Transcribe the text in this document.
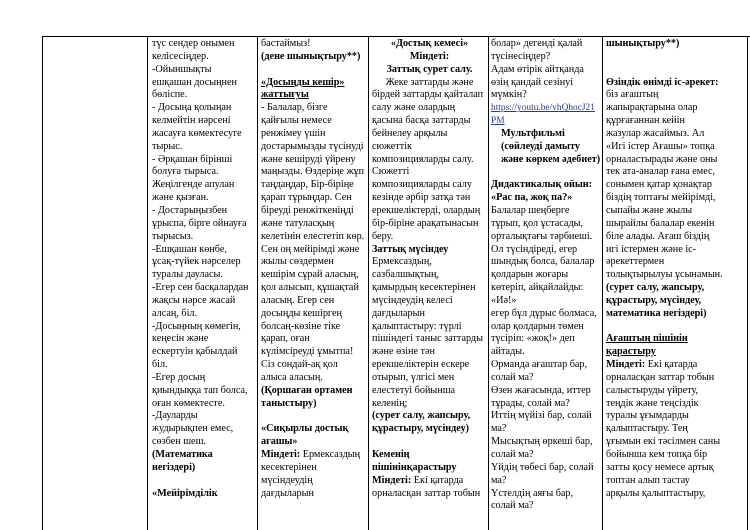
түс сендер онымен

келісесіңдер.

-Ойыншықты

ешқашан досыңнен

бөліспе.

- Досыңа қолыңан

келмейтін нәрсені

жасауға көмектесуге

тырыс.

- Әрқашан бірінші

болуға тырыса.

Жеңілгенде апулан

және қызған.

- Достарыңызбен

ұрыспа, бірге ойнауға

тырысыз.

-Ешқашан көнбе,

ұсақ-түйек нәрселер

туралы дауласы.

-Егер сен басқалардан

жақсы нәрсе жасай

алсаң, біл.

-Досыңның көмегін,

кеңесін және

ескертуін қабылдай

біл.

-Егер досың

қиындыққа тап болса,

оған көмектесте.

-Дауларды

жудырықпен емес,

сөзбен шеш.

(Математика

негіздері)

«Мейірімділік

бастаймыз!

(дене шынықтыру**)

«Досыңды кешір»

жаттығуы

- Балалар, бізге

қайғылы немесе

ренжімеу үшін

достарымызды түсінуді

және кешіруді үйрену

маңызды. Өздеріңе жұп

таңдаңдар, Бір-біріңе

қарап тұрыңдар. Сен

біреуді ренжіткеніңді

және татуласқың

келетінін елестетіп көр.

Сен оң мейірімді және

жылы сөздермен

кешірім сұрай аласың,

қол алысып, құшақтай

аласың. Егер сен

досыңды кешіргең

болсаң-көзіне тіке

қарап, оған

күлімсіреуді ұмытпа!

Сіз сондай-ақ қол

алыса аласың.

(Қоршаған ортамен

таныстыру)

«Сиқырлы достық

ағашы»

Міндеті: Ермексаздың

кесектерінен

мүсіндеудің

дағдыларын

«Достық кемесі»

Міндеті:

Заттық сурет салу.

Жеке заттарды және

бірдей заттарды қайталап

салу және олардың

қасына басқа заттарды

бейнелеу арқылы

сюжеттік

композицияларды салу.

Сюжетті

композицияларды салу

кезінде әрбір затқа тән

ерекшеліктерді, олардың

бір-біріне арақатынасын

беру.

Заттық мүсіндеу

Ермексаздың,

сазбалшықтың,

қамырдың кесектерінен

мүсіндеудің келесі

дағдыларын

қалыптастыру: түрлі

пішіндегі таныс заттарды

және өзіне тән

ерекшеліктерін ескере

отырып, үлгісі мен

елестетуі бойынша

келенің;

(сурет салу, жапсыру,

құрастыру, мүсіндеу)

Кеменің

пішінінқарастыру

Міндеті: Екі қатарда

орналасқан заттар тобын

болар» дегенді қалай

түсінесіңдер?

Адам өтірік айтқанда

өзің қандай сезінуі

мүмкін?

https://youtu.be/vhQhocJ21

PM

Мультфильмі

(сөйлеуді дамыту

және көркем әдебиет)

Дидактикалық ойын:

«Рас па, жоқ па?»

Балалар шеңберге

тұрып, қол ұстасады,

орталықтағы тәрбиеші.

Ол түсіндіреді, егер

шындық болса, балалар

қолдарын жоғары

көтеріп, айқайлайды:

«Иә!»

егер бұл дұрыс болмаса,

олар қолдарын төмен

түсіріп: «жоқ!» деп

айтады.

Орманда ағаштар бар,

солай ма?

Өзен жағасында, иттер

тұрады, солай ма?

Иттің мүйізі бар, солай

ма?

Мысықтың өркеші бар,

солай ма?

Үйдің төбесі бар, солай

ма?

Үстелдің аяғы бар,

солай ма?

шынықтыру**)

Өзіндік өнімді іс-әрекет:

біз ағаштың

жапырақтарына олар

құрғағаннан кейін

жазулар жасаймыз. Ал

«Игі істер Ағашы» топқа

орналастырады және оны

тек ата-аналар ғана емес,

сонымен қатар қонақтар

біздің топтағы мейірімді,

сыпайы және жылы

шырайлы балалар екенін

біле алады. Ағаш біздің

игі істермен және іс-

әрекеттермен

толықтырылуы ұсынамын.

(сурет салу, жапсыру,

құрастыру, мүсіндеу,

математика негіздері)

Ағаштың пішінін

қарастыру

Міндеті: Екі қатарда

орналасқан заттар тобын

салыстыруды үйрету,

теңдік және теңсіздік

туралы ұғымдарды

қалыптастыру. Тең

ұғымын екі тәсілмен саны

бойынша кем топқа бір

затты қосу немесе артық

топтан алып тастау

арқылы қалыптастыру,
